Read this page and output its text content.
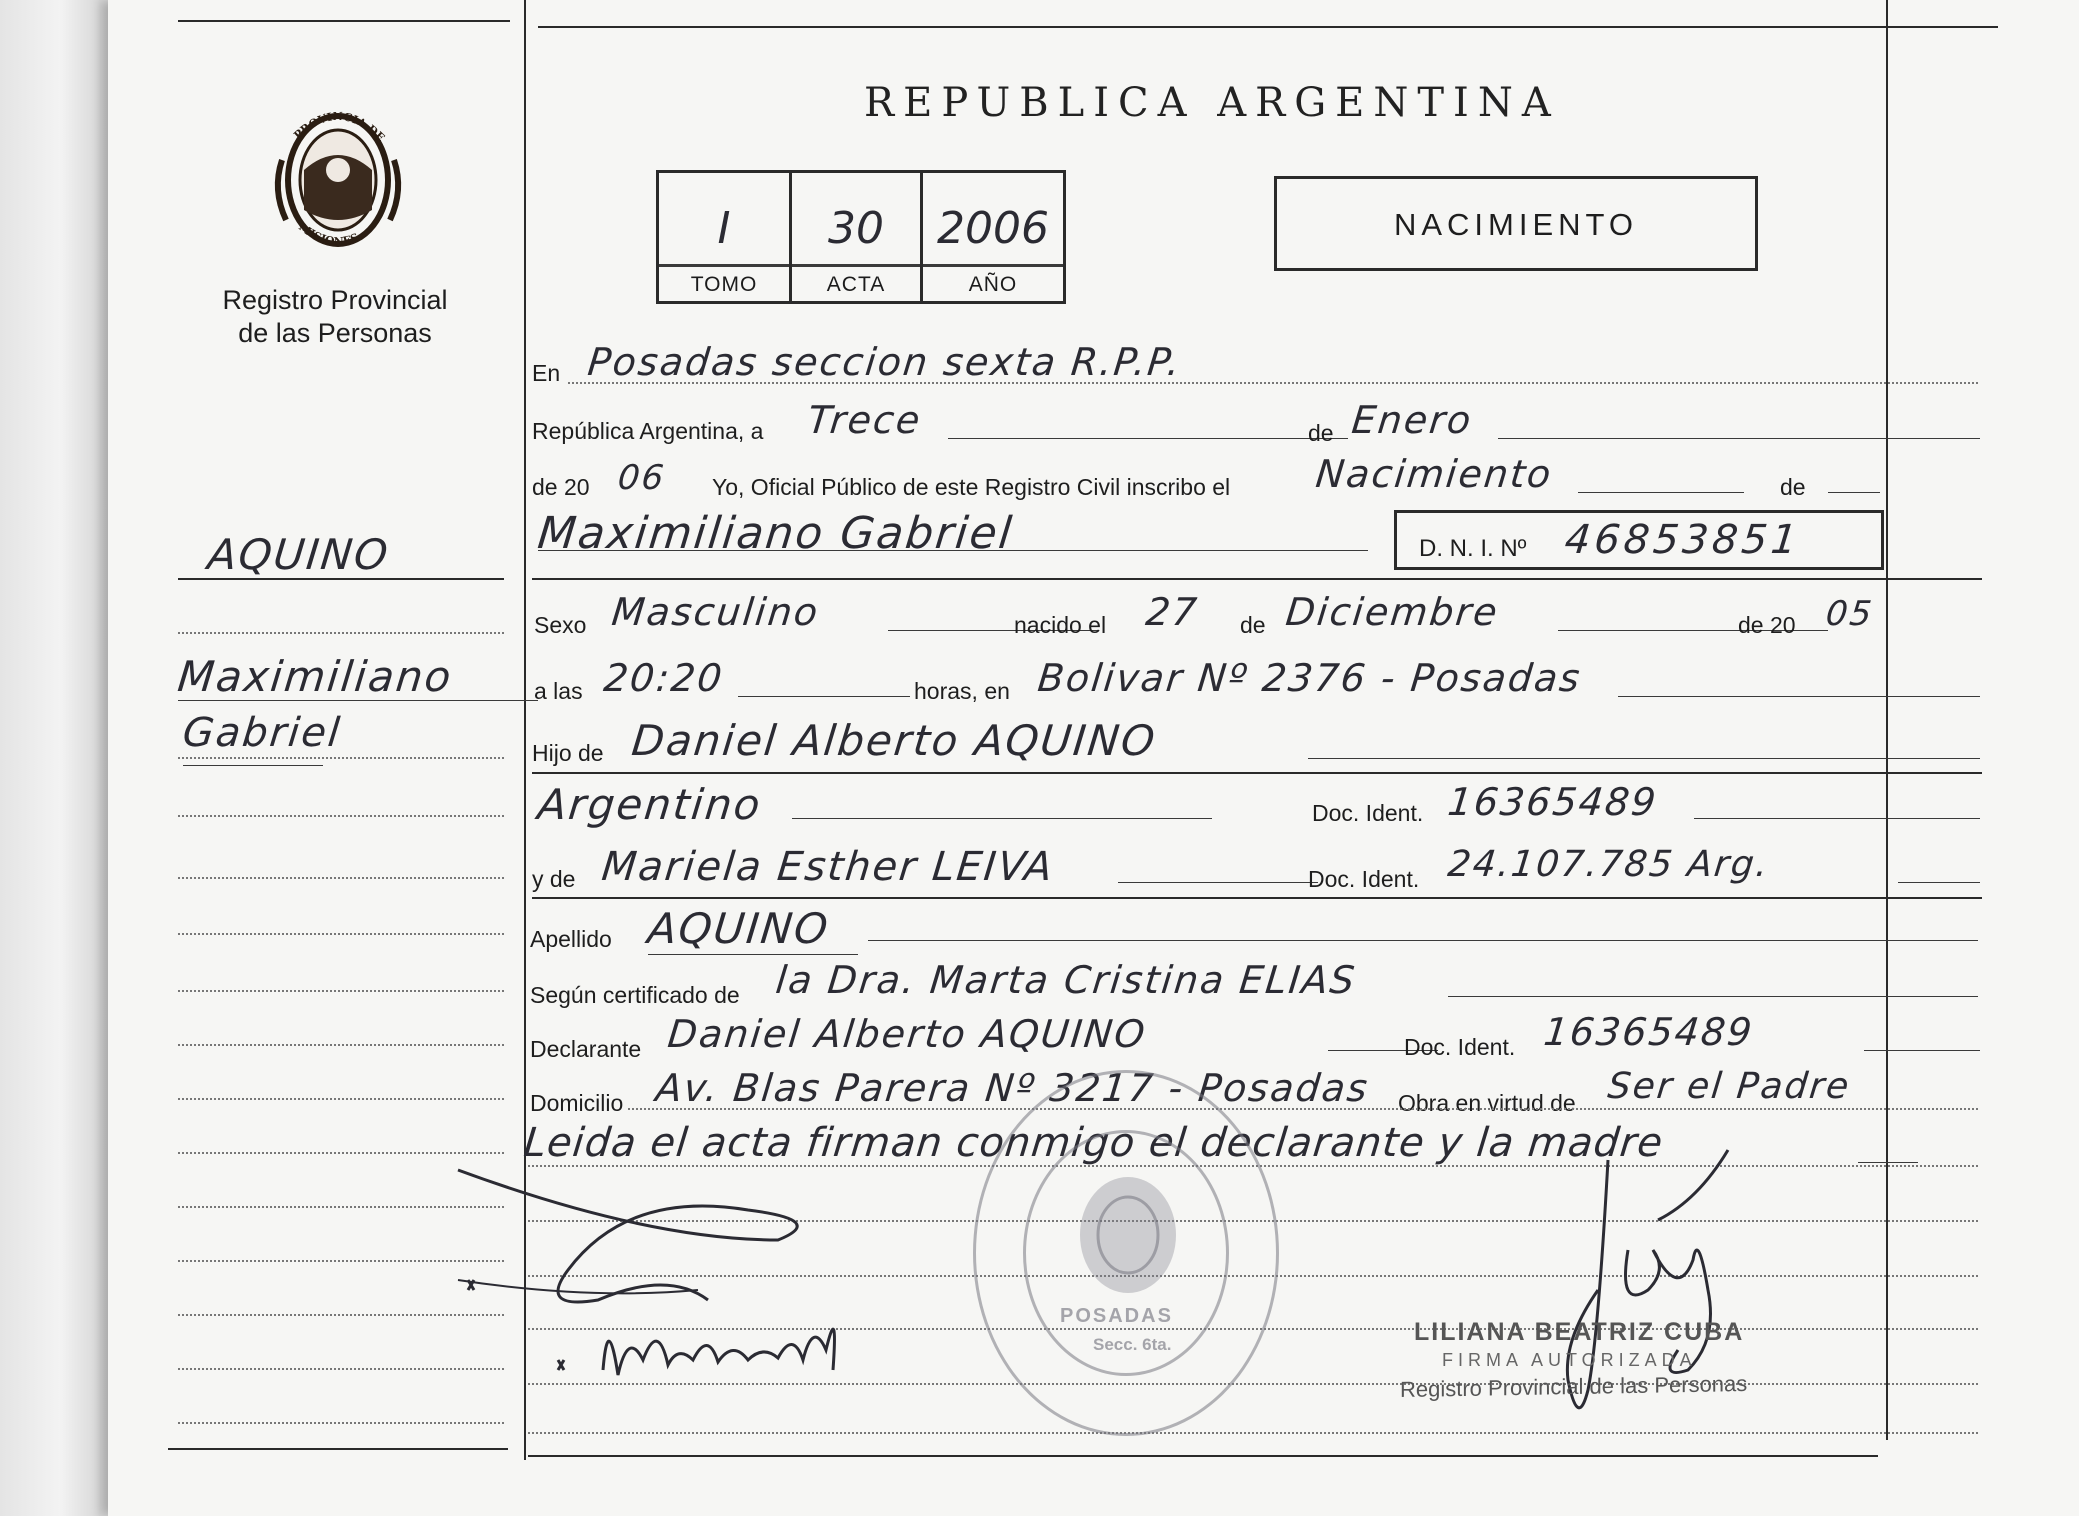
PROVINCIA DE
MISIONES
Registro Provincial
de las Personas
REPUBLICA ARGENTINA
I
TOMO
30
ACTA
2006
AÑO
NACIMIENTO
AQUINO
Maximiliano
Gabriel
En Posadas seccion sexta R.P.P.
República Argentina, a Trece	de Enero
de 20 06 Yo, Oficial Público de este Registro Civil inscribo el Nacimiento	de
Maximiliano Gabriel	D. N. I. Nº 46853851
Sexo Masculino	nacido el 27 de Diciembre	de 20 05
a las 20:20	horas, en Bolivar Nº 2376 - Posadas
Hijo de Daniel Alberto AQUINO
Argentino	Doc. Ident. 16365489
y de Mariela Esther LEIVA	Doc. Ident. 24.107.785 Arg.
Apellido AQUINO
Según certificado de la Dra. Marta Cristina ELIAS
Declarante Daniel Alberto AQUINO	Doc. Ident. 16365489
Domicilio Av. Blas Parera Nº 3217 - Posadas Obra en virtud de Ser el Padre
Leida el acta firman conmigo el declarante y la madre
POSADAS
Secc. 6ta.	LILIANA BEATRIZ CUBA
FIRMA AUTORIZADA
Registro Provincial de las Personas
